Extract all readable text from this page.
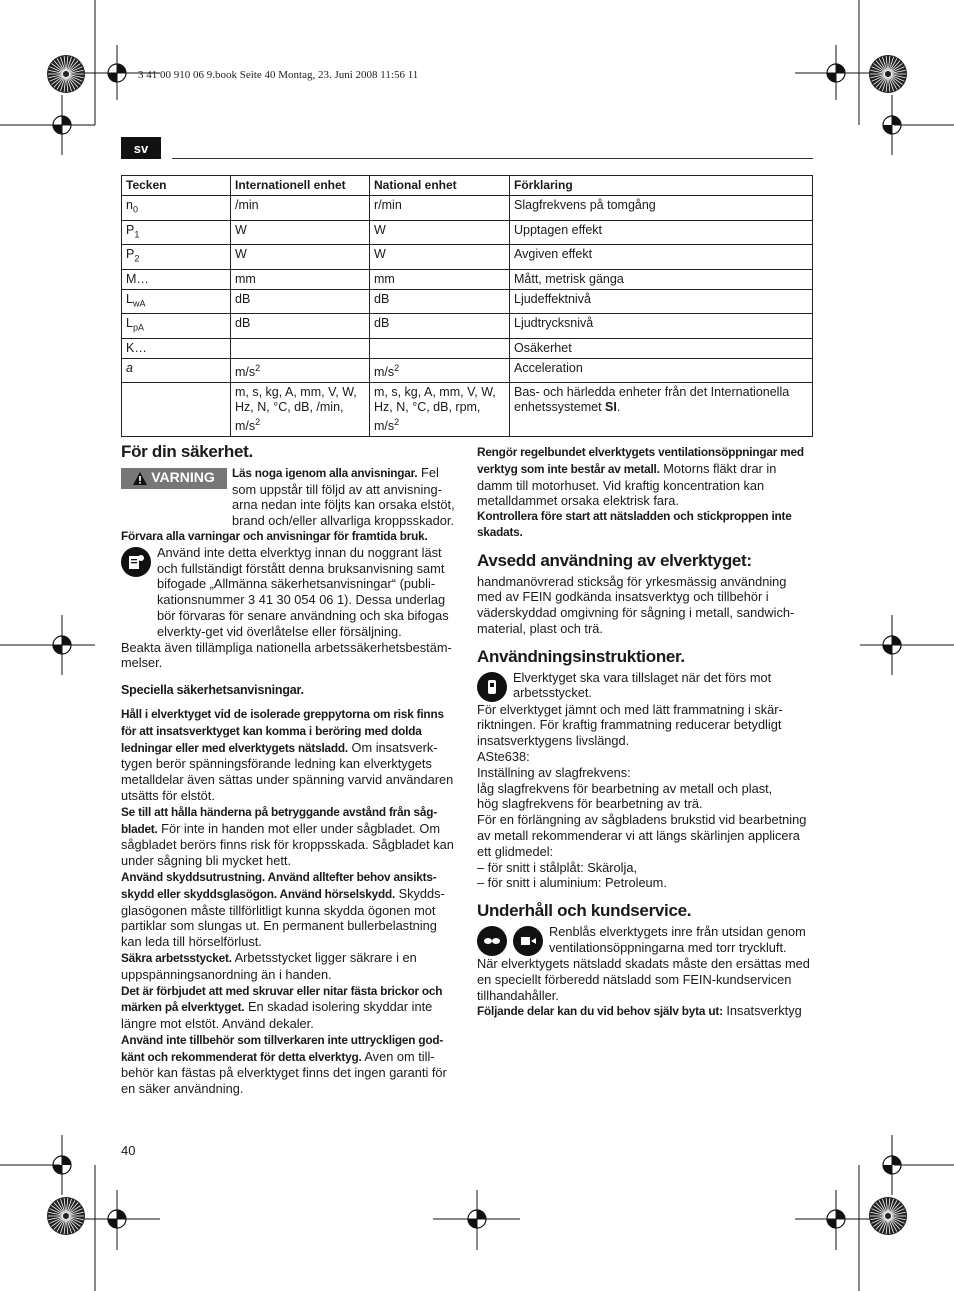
3 41 00 910 06 9.book Seite 40 Montag, 23. Juni 2008 11:56 11
sv
Tecken	Internationell enhet	National enhet	Förklaring
$n_0$	/min	r/min	Slagfrekvens på tomgång
$P_1$	W	W	Upptagen effekt
$P_2$	W	W	Avgiven effekt
M…	mm	mm	Mått, metrisk gänga
$L_{wA}$	dB	dB	Ljudeffektnivå
$L_{pA}$	dB	dB	Ljudtrycksnivå
K…			Osäkerhet
a	$m/s^2$	$m/s^2$	Acceleration
	m, s, kg, A, mm, V, W, Hz, N, °C, dB, /min, $m/s^2$	m, s, kg, A, mm, V, W, Hz, N, °C, dB, rpm, $m/s^2$	Bas- och härledda enheter från det Internationella enhetssystemet SI.
För din säkerhet.
VARNING Läs noga igenom alla anvisningar. Fel som uppstår till följd av att anvisning-arna nedan inte följts kan orsaka elstöt, brand och/eller allvarliga kroppsskador.

Förvara alla varningar och anvisningar för framtida bruk.

Använd inte detta elverktyg innan du noggrant läst och fullständigt förstått denna bruksanvisning samt bifogade „Allmänna säkerhetsanvisningar“ (publi-kationsnummer 3 41 30 054 06 1). Dessa underlag bör förvaras för senare användning och ska bifogas elverkty-get vid överlåtelse eller försäljning.

Beakta även tillämpliga nationella arbetssäkerhetsbestäm-melser.

Speciella säkerhetsanvisningar.

Håll i elverktyget vid de isolerade greppytorna om risk finns för att insatsverktyget kan komma i beröring med dolda ledningar eller med elverktygets nätsladd. Om insatsverk-tygen berör spänningsförande ledning kan elverktygets metalldelar även sättas under spänning varvid användaren utsätts för elstöt.

Se till att hålla händerna på betryggande avstånd från såg-bladet. För inte in handen mot eller under sågbladet. Om sågbladet berörs finns risk för kroppsskada. Sågbladet kan under sågning bli mycket hett.

Använd skyddsutrustning. Använd alltefter behov ansikts-skydd eller skyddsglasögon. Använd hörselskydd. Skydds-glasögonen måste tillförlitligt kunna skydda ögonen mot partiklar som slungas ut. En permanent bullerbelastning kan leda till hörselförlust.

Säkra arbetsstycket. Arbetsstycket ligger säkrare i en uppspänningsanordning än i handen.

Det är förbjudet att med skruvar eller nitar fästa brickor och märken på elverktyget. En skadad isolering skyddar inte längre mot elstöt. Använd dekaler.

Använd inte tillbehör som tillverkaren inte uttryckligen god-känt och rekommenderat för detta elverktyg. Aven om till-behör kan fästas på elverktyget finns det ingen garanti för en säker användning.

Rengör regelbundet elverktygets ventilationsöppningar med verktyg som inte består av metall. Motorns fläkt drar in damm till motorhuset. Vid kraftig koncentration kan metalldammet orsaka elektrisk fara.

Kontrollera före start att nätsladden och stickproppen inte skadats.

Avsedd användning av elverktyget:

handmanövrerad sticksåg för yrkesmässig användning med av FEIN godkända insatsverktyg och tillbehör i väderskyddad omgivning för sågning i metall, sandwich-material, plast och trä.

Användningsinstruktioner.

Elverktyget ska vara tillslaget när det förs mot arbetsstycket.

För elverktyget jämnt och med lätt frammatning i skär-riktningen. För kraftig frammatning reducerar betydligt insatsverktygens livslängd.

ASte638:

Inställning av slagfrekvens:

låg slagfrekvens för bearbetning av metall och plast,

hög slagfrekvens för bearbetning av trä.

För en förlängning av sågbladens brukstid vid bearbetning av metall rekommenderar vi att längs skärlinjen applicera ett glidmedel:

– för snitt i stålplåt: Skärolja,

– för snitt i aluminium: Petroleum.

Underhåll och kundservice.

Renblås elverktygets inre från utsidan genom ventilationsöppningarna med torr tryckluft.

När elverktygets nätsladd skadats måste den ersättas med en speciellt förberedd nätsladd som FEIN-kundservicen tillhandahåller.

Följande delar kan du vid behov själv byta ut: Insatsverktyg

40
